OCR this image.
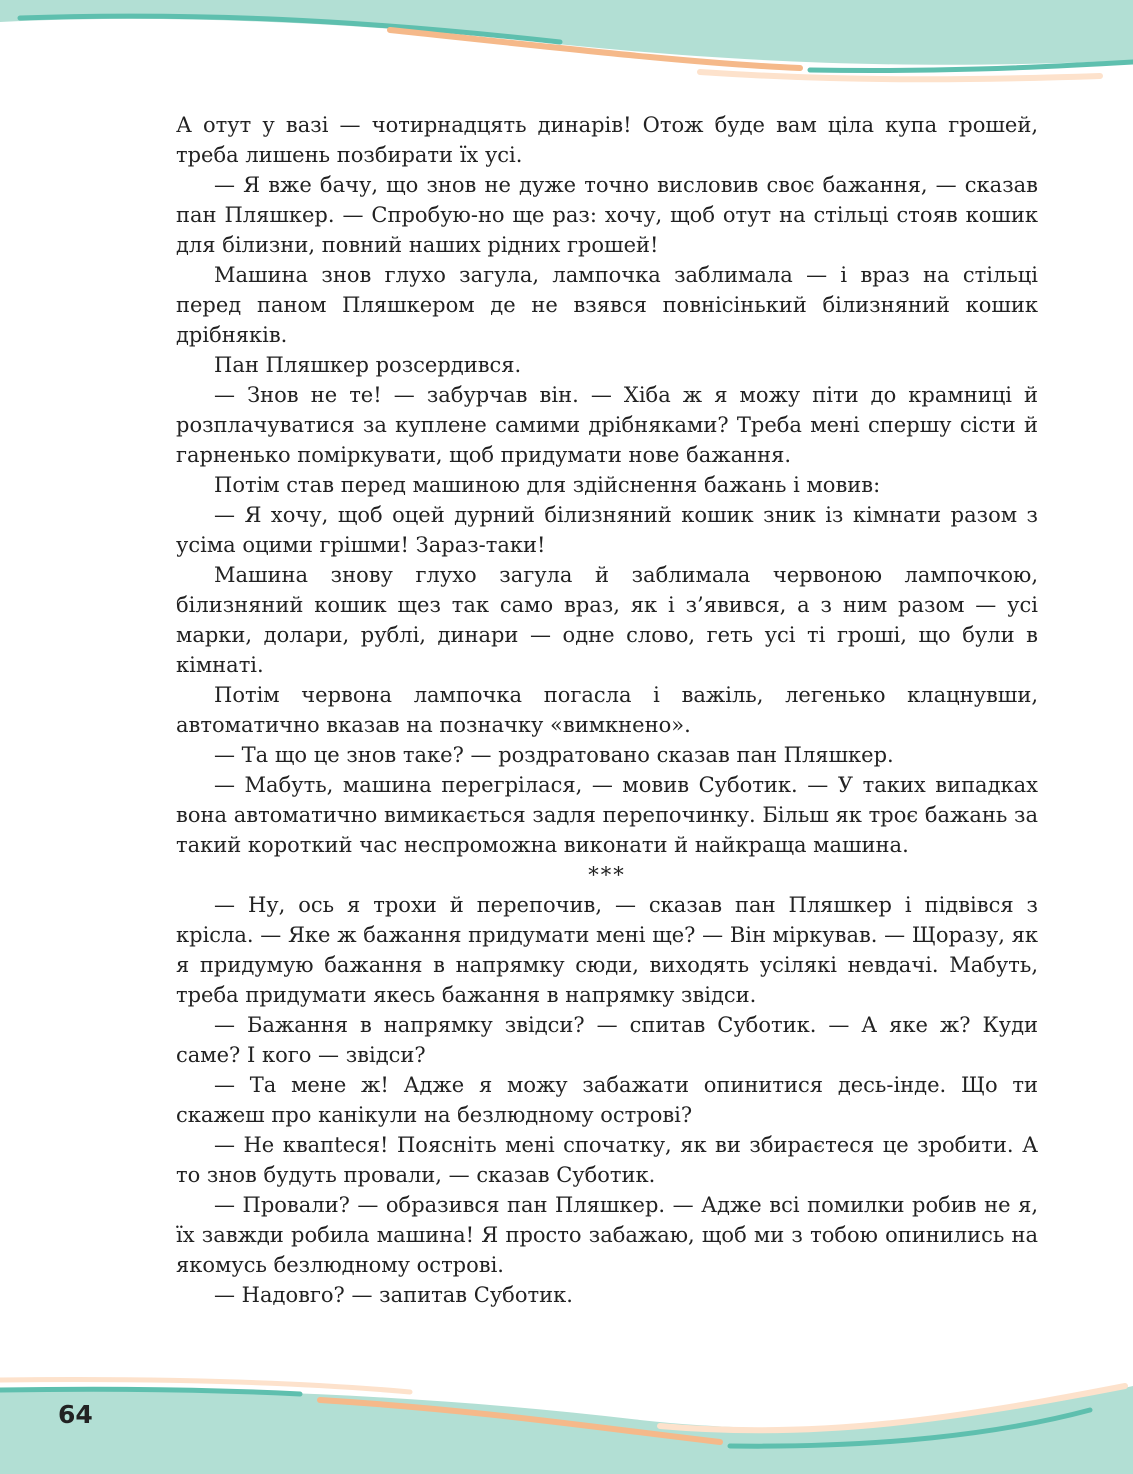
А отут у вазі — чотирнадцять динарів! Отож буде вам ціла купа грошей, треба лишень позбирати їх усі.

— Я вже бачу, що знов не дуже точно висловив своє бажання, — сказав пан Пляшкер. — Спробую-но ще раз: хочу, щоб отут на стільці стояв кошик для білизни, повний наших рідних грошей!

Машина знов глухо загула, лампочка заблимала — і враз на стільці перед паном Пляшкером де не взявся повнісінький білизняний кошик дрібняків.

Пан Пляшкер розсердився.

— Знов не те! — забурчав він. — Хіба ж я можу піти до крамниці й розплачуватися за куплене самими дрібняками? Треба мені спершу сісти й гарненько поміркувати, щоб придумати нове бажання.

Потім став перед машиною для здійснення бажань і мовив:

— Я хочу, щоб оцей дурний білизняний кошик зник із кімнати разом з усіма оцими грішми! Зараз-таки!

Машина знову глухо загула й заблимала червоною лампочкою, білизняний кошик щез так само враз, як і з’явився, а з ним разом — усі марки, долари, рублі, динари — одне слово, геть усі ті гроші, що були в кімнаті.

Потім червона лампочка погасла і важіль, легенько клацнувши, автоматично вказав на позначку «вимкнено».

— Та що це знов таке? — роздратовано сказав пан Пляшкер.

— Мабуть, машина перегрілася, — мовив Суботик. — У таких випадках вона автоматично вимикається задля перепочинку. Більш як троє бажань за такий короткий час неспроможна виконати й найкраща машина.

***

— Ну, ось я трохи й перепочив, — сказав пан Пляшкер і підвівся з крісла. — Яке ж бажання придумати мені ще? — Він міркував. — Щоразу, як я придумую бажання в напрямку сюди, виходять усілякі невдачі. Мабуть, треба придумати якесь бажання в напрямку звідси.

— Бажання в напрямку звідси? — спитав Суботик. — А яке ж? Куди саме? І кого — звідси?

— Та мене ж! Адже я можу забажати опинитися десь-інде. Що ти скажеш про канікули на безлюдному острові?

— Не квапtеся! Поясніть мені спочатку, як ви збираєтеся це зробити. А то знов будуть провали, — сказав Суботик.

— Провали? — образився пан Пляшкер. — Адже всі помилки робив не я, їх завжди робила машина! Я просто забажаю, щоб ми з тобою опинились на якомусь безлюдному острові.

— Надовго? — запитав Суботик.

64
